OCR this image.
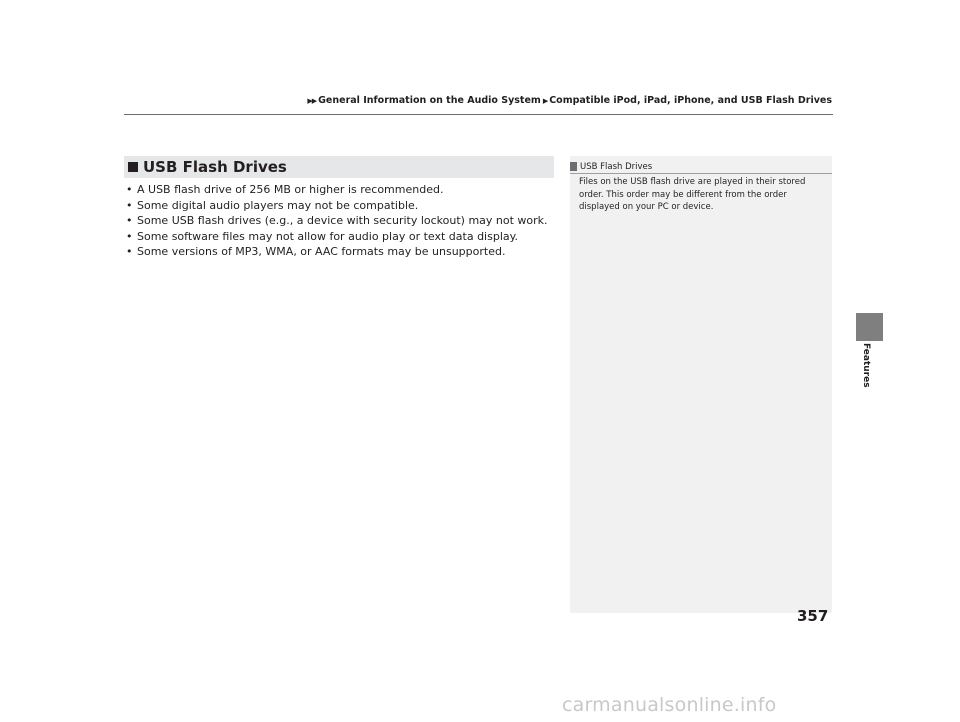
▶▶ General Information on the Audio System ▶ Compatible iPod, iPad, iPhone, and USB Flash Drives
USB Flash Drives
• A USB flash drive of 256 MB or higher is recommended.
• Some digital audio players may not be compatible.
• Some USB flash drives (e.g., a device with security lockout) may not work.
• Some software files may not allow for audio play or text data display.
• Some versions of MP3, WMA, or AAC formats may be unsupported.
USB Flash Drives

Files on the USB flash drive are played in their stored order. This order may be different from the order displayed on your PC or device.

Features
357
carmanualsonline.info
